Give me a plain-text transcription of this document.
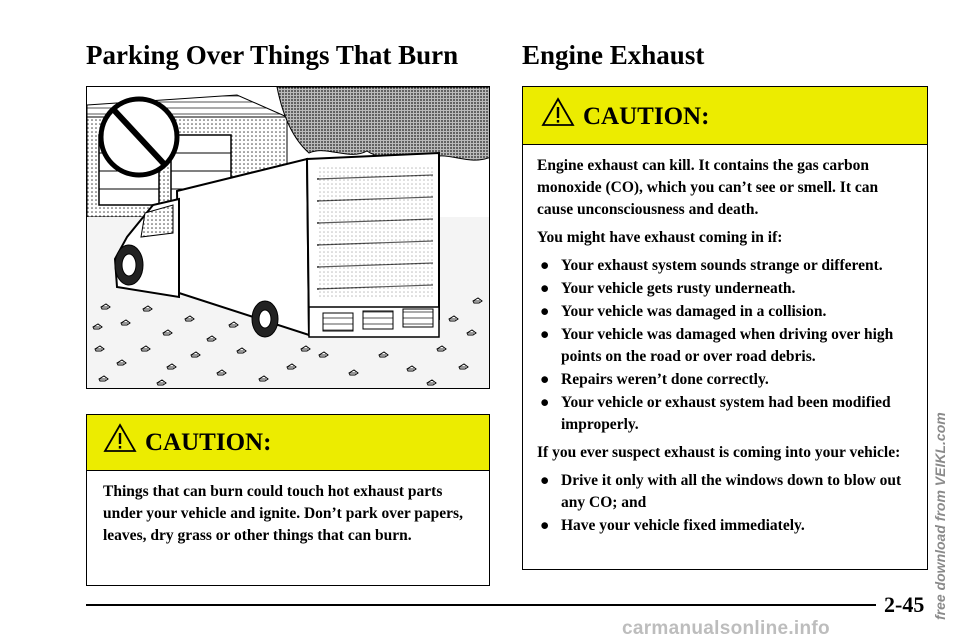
Parking Over Things That Burn Engine Exhaust
CAUTION:

Things that can burn could touch hot exhaust parts under your vehicle and ignite. Don’t park over papers, leaves, dry grass or other things that can burn.

CAUTION:

Engine exhaust can kill. It contains the gas carbon monoxide (CO), which you can’t see or smell. It can cause unconsciousness and death.

You might have exhaust coming in if:

● Your exhaust system sounds strange or different.
● Your vehicle gets rusty underneath.
● Your vehicle was damaged in a collision.
● Your vehicle was damaged when driving over high points on the road or over road debris.
● Repairs weren’t done correctly.
● Your vehicle or exhaust system had been modified improperly.

If you ever suspect exhaust is coming into your vehicle:

● Drive it only with all the windows down to blow out any CO; and
● Have your vehicle fixed immediately.
2-45 free download from VEIKL.com
carmanualsonline.info
